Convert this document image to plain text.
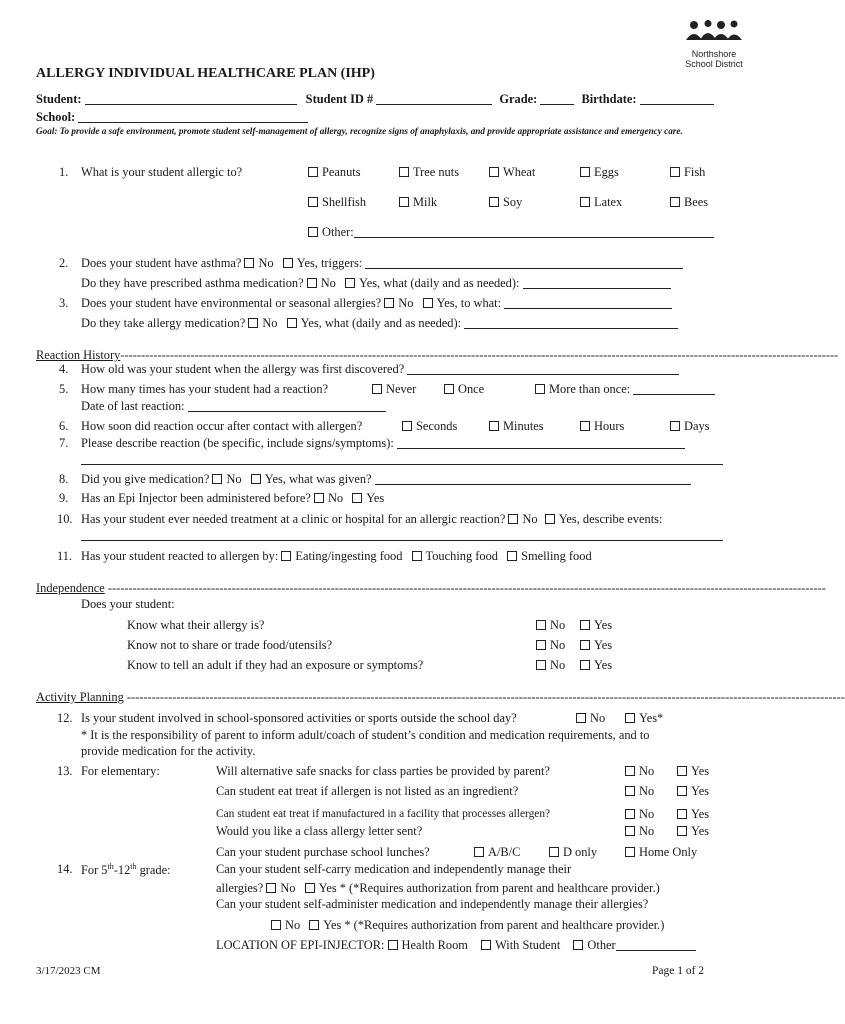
Northshore
School District
ALLERGY INDIVIDUAL HEALTHCARE PLAN (IHP)
Student:	Student ID #	Grade:	Birthdate:
School:
Goal: To provide a safe environment, promote student self-management of allergy, recognize signs of anaphylaxis, and provide appropriate assistance and emergency care.
1. What is your student allergic to?	Peanuts	Tree nuts	Wheat	Eggs	Fish
Shellfish	Milk	Soy	Latex	Bees
Other:
2. Does your student have asthma? No Yes, triggers:
Do they have prescribed asthma medication? No Yes, what (daily and as needed):
3. Does your student have environmental or seasonal allergies? No Yes, to what:
Do they take allergy medication? No Yes, what (daily and as needed):
Reaction History------------------------------------------------------------------------------------------------------------------------------------------------------------------------------
4. How old was your student when the allergy was first discovered?
5. How many times has your student had a reaction?	Never	Once	More than once:
Date of last reaction:
6. How soon did reaction occur after contact with allergen?	Seconds	Minutes	Hours	Days
7. Please describe reaction (be specific, include signs/symptoms):
8. Did you give medication? No Yes, what was given?
9. Has an Epi Injector been administered before? No Yes
10. Has your student ever needed treatment at a clinic or hospital for an allergic reaction? No Yes, describe events:
11. Has your student reacted to allergen by: Eating/ingesting food Touching food Smelling food
Independence ------------------------------------------------------------------------------------------------------------------------------------------------------------------------------
Does your student:
Know what their allergy is?	No	Yes
Know not to share or trade food/utensils?	No	Yes
Know to tell an adult if they had an exposure or symptoms?	No	Yes
Activity Planning ------------------------------------------------------------------------------------------------------------------------------------------------------------------------------
12. Is your student involved in school-sponsored activities or sports outside the school day?	No	Yes*
* It is the responsibility of parent to inform adult/coach of student’s condition and medication requirements, and to
provide medication for the activity.
13. For elementary:	Will alternative safe snacks for class parties be provided by parent?	No	Yes
Can student eat treat if allergen is not listed as an ingredient?	No	Yes
Can student eat treat if manufactured in a facility that processes allergen?	No	Yes
Would you like a class allergy letter sent?	No	Yes
Can your student purchase school lunches?	A/B/C	D only	Home Only
14. For 5th-12th grade:	Can your student self-carry medication and independently manage their
allergies? No Yes * (*Requires authorization from parent and healthcare provider.)
Can your student self-administer medication and independently manage their allergies?
No Yes * (*Requires authorization from parent and healthcare provider.)
LOCATION OF EPI-INJECTOR: Health Room With Student Other
3/17/2023 CM	Page 1 of 2
